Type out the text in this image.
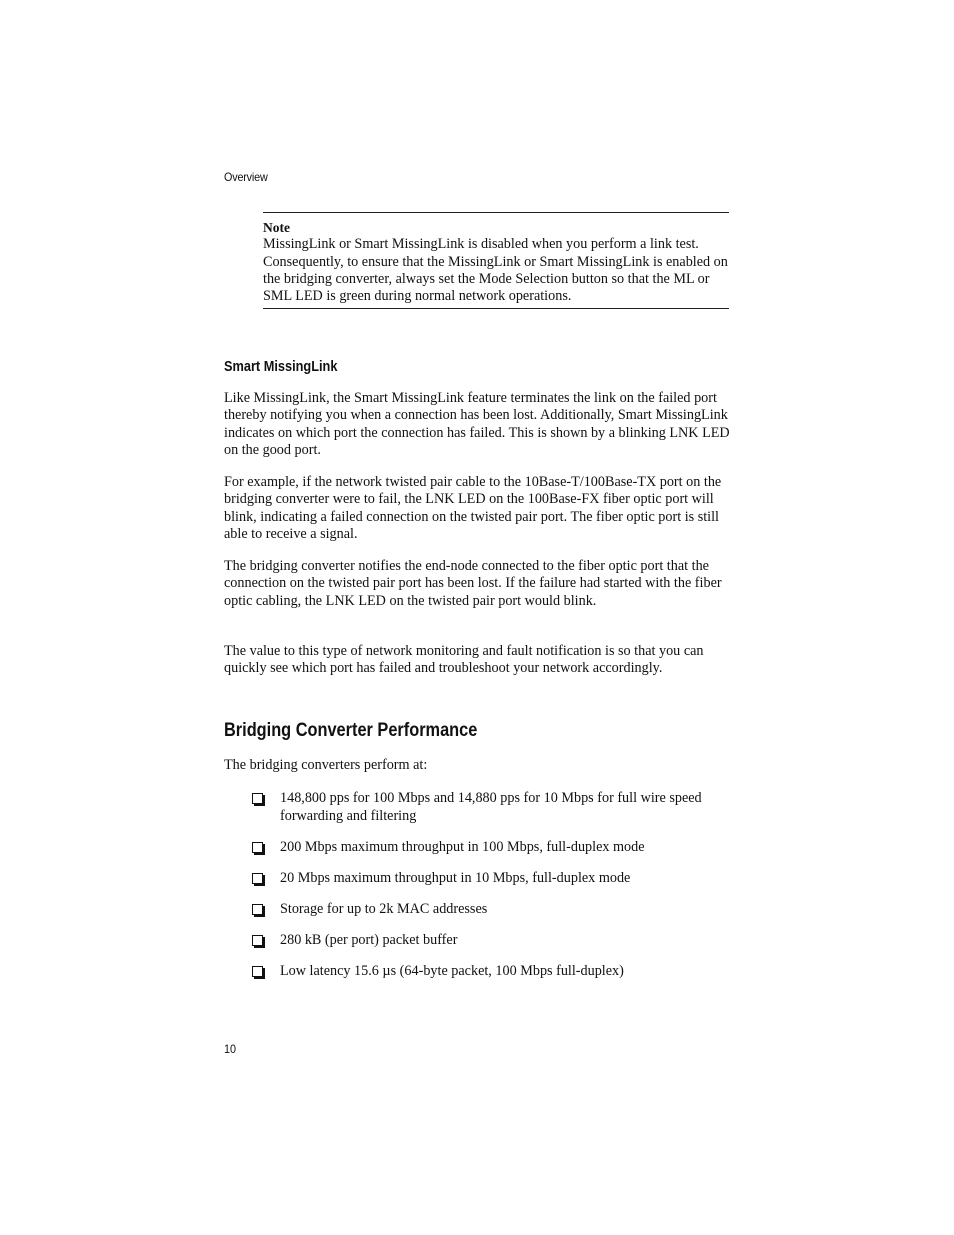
Overview
Note

MissingLink or Smart MissingLink is disabled when you perform a link test. Consequently, to ensure that the MissingLink or Smart MissingLink is enabled on the bridging converter, always set the Mode Selection button so that the ML or SML LED is green during normal network operations.

Smart MissingLink

Like MissingLink, the Smart MissingLink feature terminates the link on the failed port thereby notifying you when a connection has been lost. Additionally, Smart MissingLink indicates on which port the connection has failed. This is shown by a blinking LNK LED on the good port.

For example, if the network twisted pair cable to the 10Base-T/100Base-TX port on the bridging converter were to fail, the LNK LED on the 100Base-FX fiber optic port will blink, indicating a failed connection on the twisted pair port. The fiber optic port is still able to receive a signal.

The bridging converter notifies the end-node connected to the fiber optic port that the connection on the twisted pair port has been lost. If the failure had started with the fiber optic cabling, the LNK LED on the twisted pair port would blink.

The value to this type of network monitoring and fault notification is so that you can quickly see which port has failed and troubleshoot your network accordingly.

Bridging Converter Performance

The bridging converters perform at:

148,800 pps for 100 Mbps and 14,880 pps for 10 Mbps for full wire speed forwarding and filtering
200 Mbps maximum throughput in 100 Mbps, full-duplex mode
20 Mbps maximum throughput in 10 Mbps, full-duplex mode
Storage for up to 2k MAC addresses
280 kB (per port) packet buffer
Low latency 15.6 µs (64-byte packet, 100 Mbps full-duplex)
10
